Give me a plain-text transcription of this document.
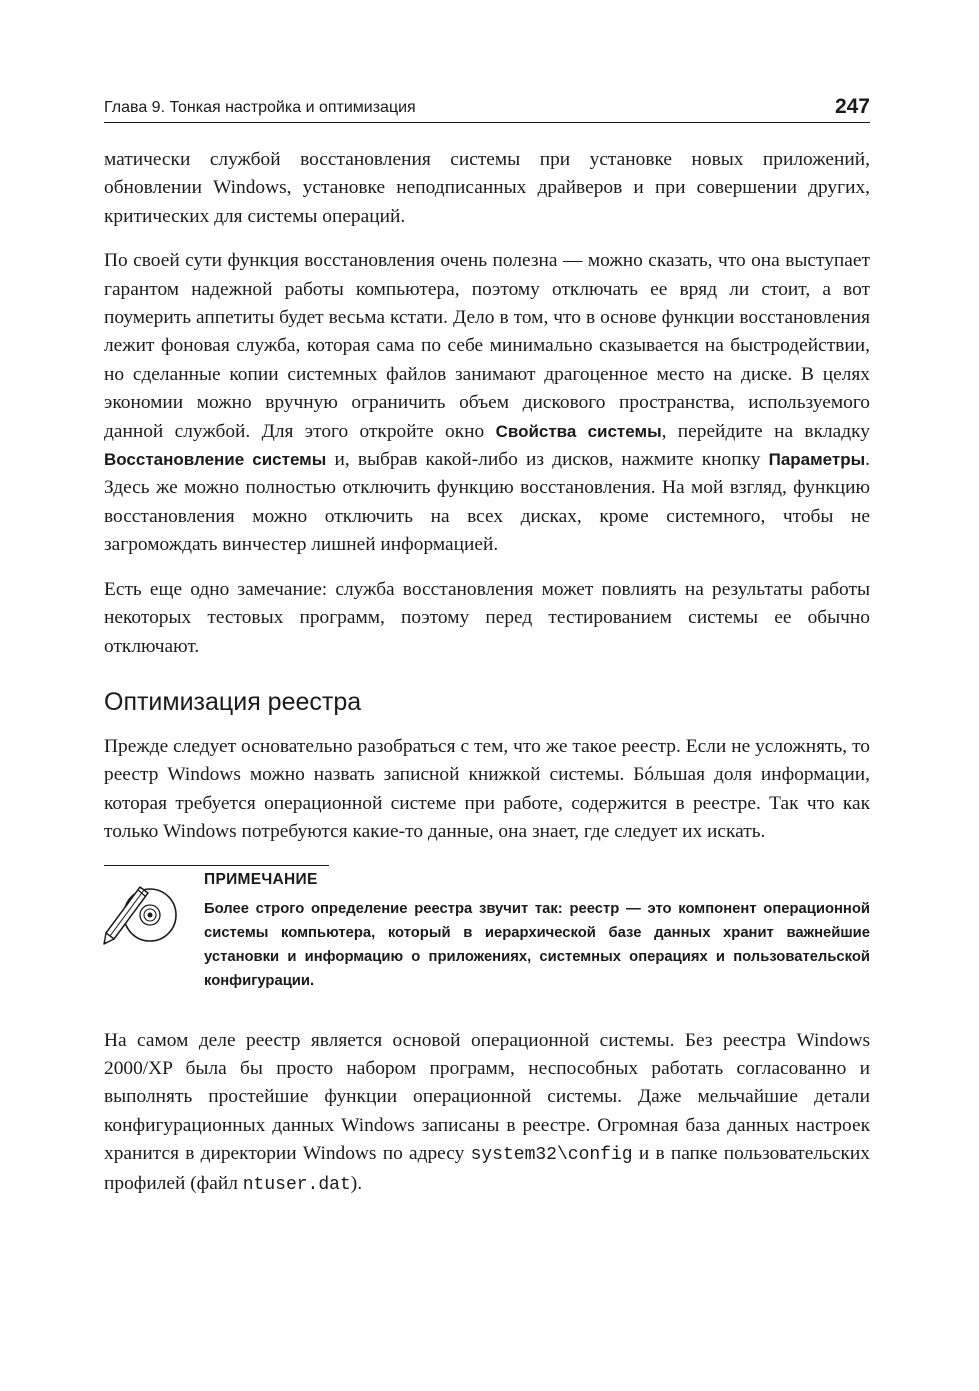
Глава 9. Тонкая настройка и оптимизация	247

матически службой восстановления системы при установке новых приложений, обновлении Windows, установке неподписанных драйверов и при совершении других, критических для системы операций.

По своей сути функция восстановления очень полезна — можно сказать, что она выступает гарантом надежной работы компьютера, поэтому отключать ее вряд ли стоит, а вот поумерить аппетиты будет весьма кстати. Дело в том, что в основе функции восстановления лежит фоновая служба, которая сама по себе минимально сказывается на быстродействии, но сделанные копии системных файлов занимают драгоценное место на диске. В целях экономии можно вручную ограничить объем дискового пространства, используемого данной службой. Для этого откройте окно Свойства системы, перейдите на вкладку Восстановление системы и, выбрав какой-либо из дисков, нажмите кнопку Параметры. Здесь же можно полностью отключить функцию восстановления. На мой взгляд, функцию восстановления можно отключить на всех дисках, кроме системного, чтобы не загромождать винчестер лишней информацией.

Есть еще одно замечание: служба восстановления может повлиять на результаты работы некоторых тестовых программ, поэтому перед тестированием системы ее обычно отключают.

Оптимизация реестра

Прежде следует основательно разобраться с тем, что же такое реестр. Если не усложнять, то реестр Windows можно назвать записной книжкой системы. Бóльшая доля информации, которая требуется операционной системе при работе, содержится в реестре. Так что как только Windows потребуются какие-то данные, она знает, где следует их искать.

ПРИМЕЧАНИЕ

Более строго определение реестра звучит так: реестр — это компонент операционной системы компьютера, который в иерархической базе данных хранит важнейшие установки и информацию о приложениях, системных операциях и пользовательской конфигурации.

На самом деле реестр является основой операционной системы. Без реестра Windows 2000/XP была бы просто набором программ, неспособных работать согласованно и выполнять простейшие функции операционной системы. Даже мельчайшие детали конфигурационных данных Windows записаны в реестре. Огромная база данных настроек хранится в директории Windows по адресу system32\config и в папке пользовательских профилей (файл ntuser.dat).
